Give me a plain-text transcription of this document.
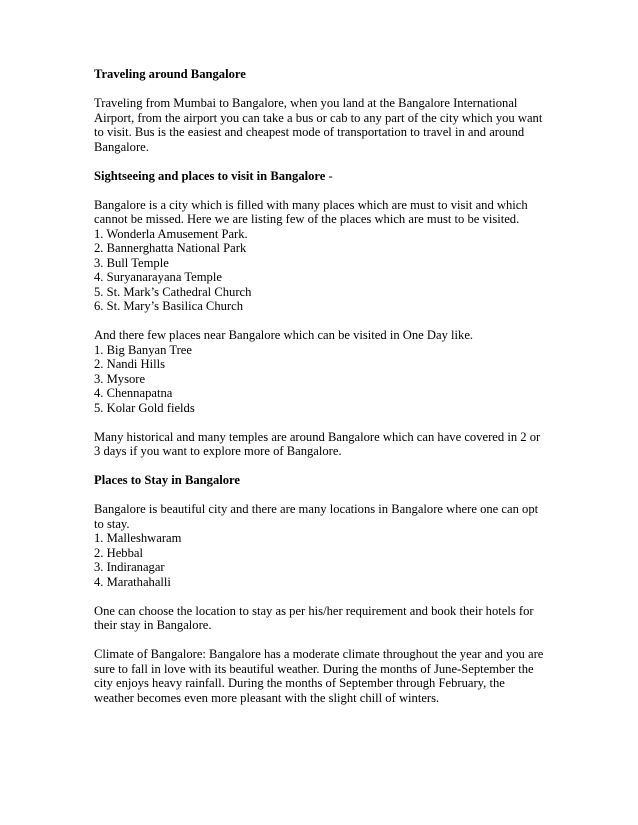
Traveling around Bangalore

Traveling from Mumbai to Bangalore, when you land at the Bangalore International
Airport, from the airport you can take a bus or cab to any part of the city which you want
to visit. Bus is the easiest and cheapest mode of transportation to travel in and around
Bangalore.

Sightseeing and places to visit in Bangalore -

Bangalore is a city which is filled with many places which are must to visit and which
cannot be missed. Here we are listing few of the places which are must to be visited.
1. Wonderla Amusement Park.
2. Bannerghatta National Park
3. Bull Temple
4. Suryanarayana Temple
5. St. Mark’s Cathedral Church
6. St. Mary’s Basilica Church

And there few places near Bangalore which can be visited in One Day like.
1. Big Banyan Tree
2. Nandi Hills
3. Mysore
4. Chennapatna
5. Kolar Gold fields

Many historical and many temples are around Bangalore which can have covered in 2 or
3 days if you want to explore more of Bangalore.

Places to Stay in Bangalore

Bangalore is beautiful city and there are many locations in Bangalore where one can opt
to stay.
1. Malleshwaram
2. Hebbal
3. Indiranagar
4. Marathahalli

One can choose the location to stay as per his/her requirement and book their hotels for
their stay in Bangalore.

Climate of Bangalore: Bangalore has a moderate climate throughout the year and you are
sure to fall in love with its beautiful weather. During the months of June-September the
city enjoys heavy rainfall. During the months of September through February, the
weather becomes even more pleasant with the slight chill of winters.
